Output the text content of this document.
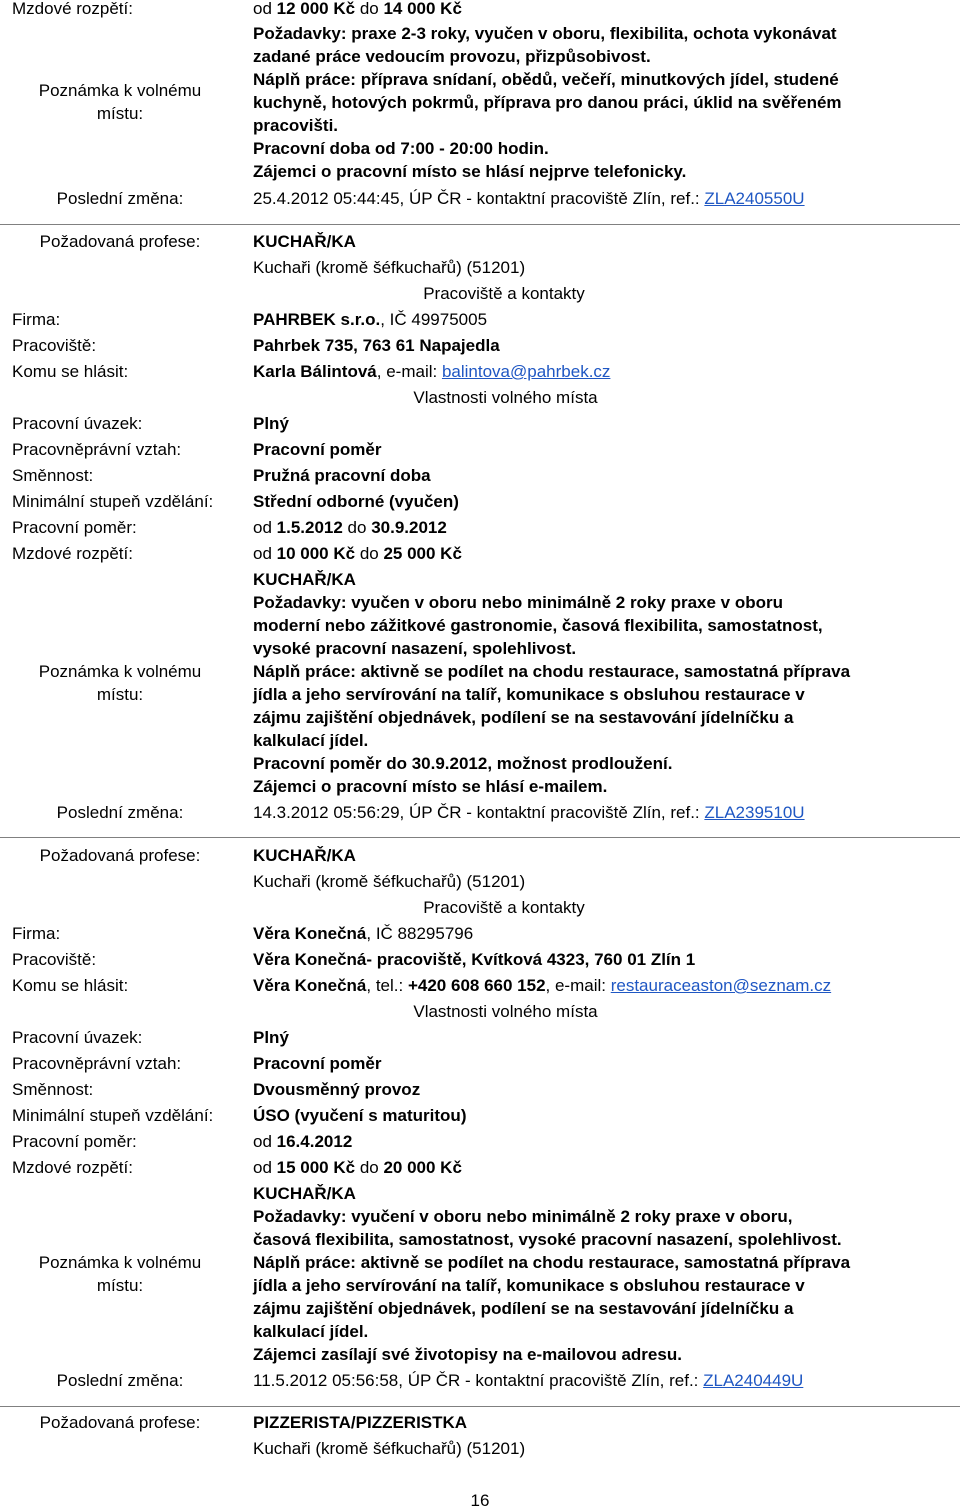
Mzdové rozpětí:	od 12 000 Kč do 14 000 Kč
Poznámka k volnému
místu:
Požadavky: praxe 2-3 roky, vyučen v oboru, flexibilita, ochota vykonávat
zadané práce vedoucím provozu, přizpůsobivost.
Náplň práce: příprava snídaní, obědů, večeří, minutkových jídel, studené
kuchyně, hotových pokrmů, příprava pro danou práci, úklid na svěřeném
pracovišti.
Pracovní doba od 7:00 - 20:00 hodin.
Zájemci o pracovní místo se hlásí nejprve telefonicky.
Poslední změna:	25.4.2012 05:44:45, ÚP ČR - kontaktní pracoviště Zlín, ref.: ZLA240550U
Požadovaná profese:	KUCHAŘ/KA
Kuchaři (kromě šéfkuchařů) (51201)
Pracoviště a kontakty
Firma:	PAHRBEK s.r.o., IČ 49975005
Pracoviště:	Pahrbek 735, 763 61 Napajedla
Komu se hlásit:	Karla Bálintová, e-mail: balintova@pahrbek.cz
Vlastnosti volného místa
Pracovní úvazek:	Plný
Pracovněprávní vztah:	Pracovní poměr
Směnnost:	Pružná pracovní doba
Minimální stupeň vzdělání: Střední odborné (vyučen)
Pracovní poměr:	od 1.5.2012 do 30.9.2012
Mzdové rozpětí:	od 10 000 Kč do 25 000 Kč
KUCHAŘ/KA
Požadavky: vyučen v oboru nebo minimálně 2 roky praxe v oboru
moderní nebo zážitkové gastronomie, časová flexibilita, samostatnost,
vysoké pracovní nasazení, spolehlivost.
Náplň práce: aktivně se podílet na chodu restaurace, samostatná příprava
jídla a jeho servírování na talíř, komunikace s obsluhou restaurace v
zájmu zajištění objednávek, podílení se na sestavování jídelníčku a
kalkulací jídel.
Pracovní poměr do 30.9.2012, možnost prodloužení.
Zájemci o pracovní místo se hlásí e-mailem.
Poznámka k volnému
místu:
Poslední změna:	14.3.2012 05:56:29, ÚP ČR - kontaktní pracoviště Zlín, ref.: ZLA239510U
Požadovaná profese:	KUCHAŘ/KA
Kuchaři (kromě šéfkuchařů) (51201)
Pracoviště a kontakty
Firma:	Věra Konečná, IČ 88295796
Pracoviště:	Věra Konečná- pracoviště, Kvítková 4323, 760 01 Zlín 1
Komu se hlásit:	Věra Konečná, tel.: +420 608 660 152, e-mail: restauraceaston@seznam.cz
Vlastnosti volného místa
Pracovní úvazek:	Plný
Pracovněprávní vztah:	Pracovní poměr
Směnnost:	Dvousměnný provoz
Minimální stupeň vzdělání: ÚSO (vyučení s maturitou)
Pracovní poměr:	od 16.4.2012
Mzdové rozpětí:	od 15 000 Kč do 20 000 Kč
KUCHAŘ/KA
Požadavky: vyučení v oboru nebo minimálně 2 roky praxe v oboru,
časová flexibilita, samostatnost, vysoké pracovní nasazení, spolehlivost.
Náplň práce: aktivně se podílet na chodu restaurace, samostatná příprava
jídla a jeho servírování na talíř, komunikace s obsluhou restaurace v
zájmu zajištění objednávek, podílení se na sestavování jídelníčku a
kalkulací jídel.
Zájemci zasílají své životopisy na e-mailovou adresu.
Poznámka k volnému
místu:
Poslední změna:	11.5.2012 05:56:58, ÚP ČR - kontaktní pracoviště Zlín, ref.: ZLA240449U
Požadovaná profese:	PIZZERISTA/PIZZERISTKA
Kuchaři (kromě šéfkuchařů) (51201)
16
